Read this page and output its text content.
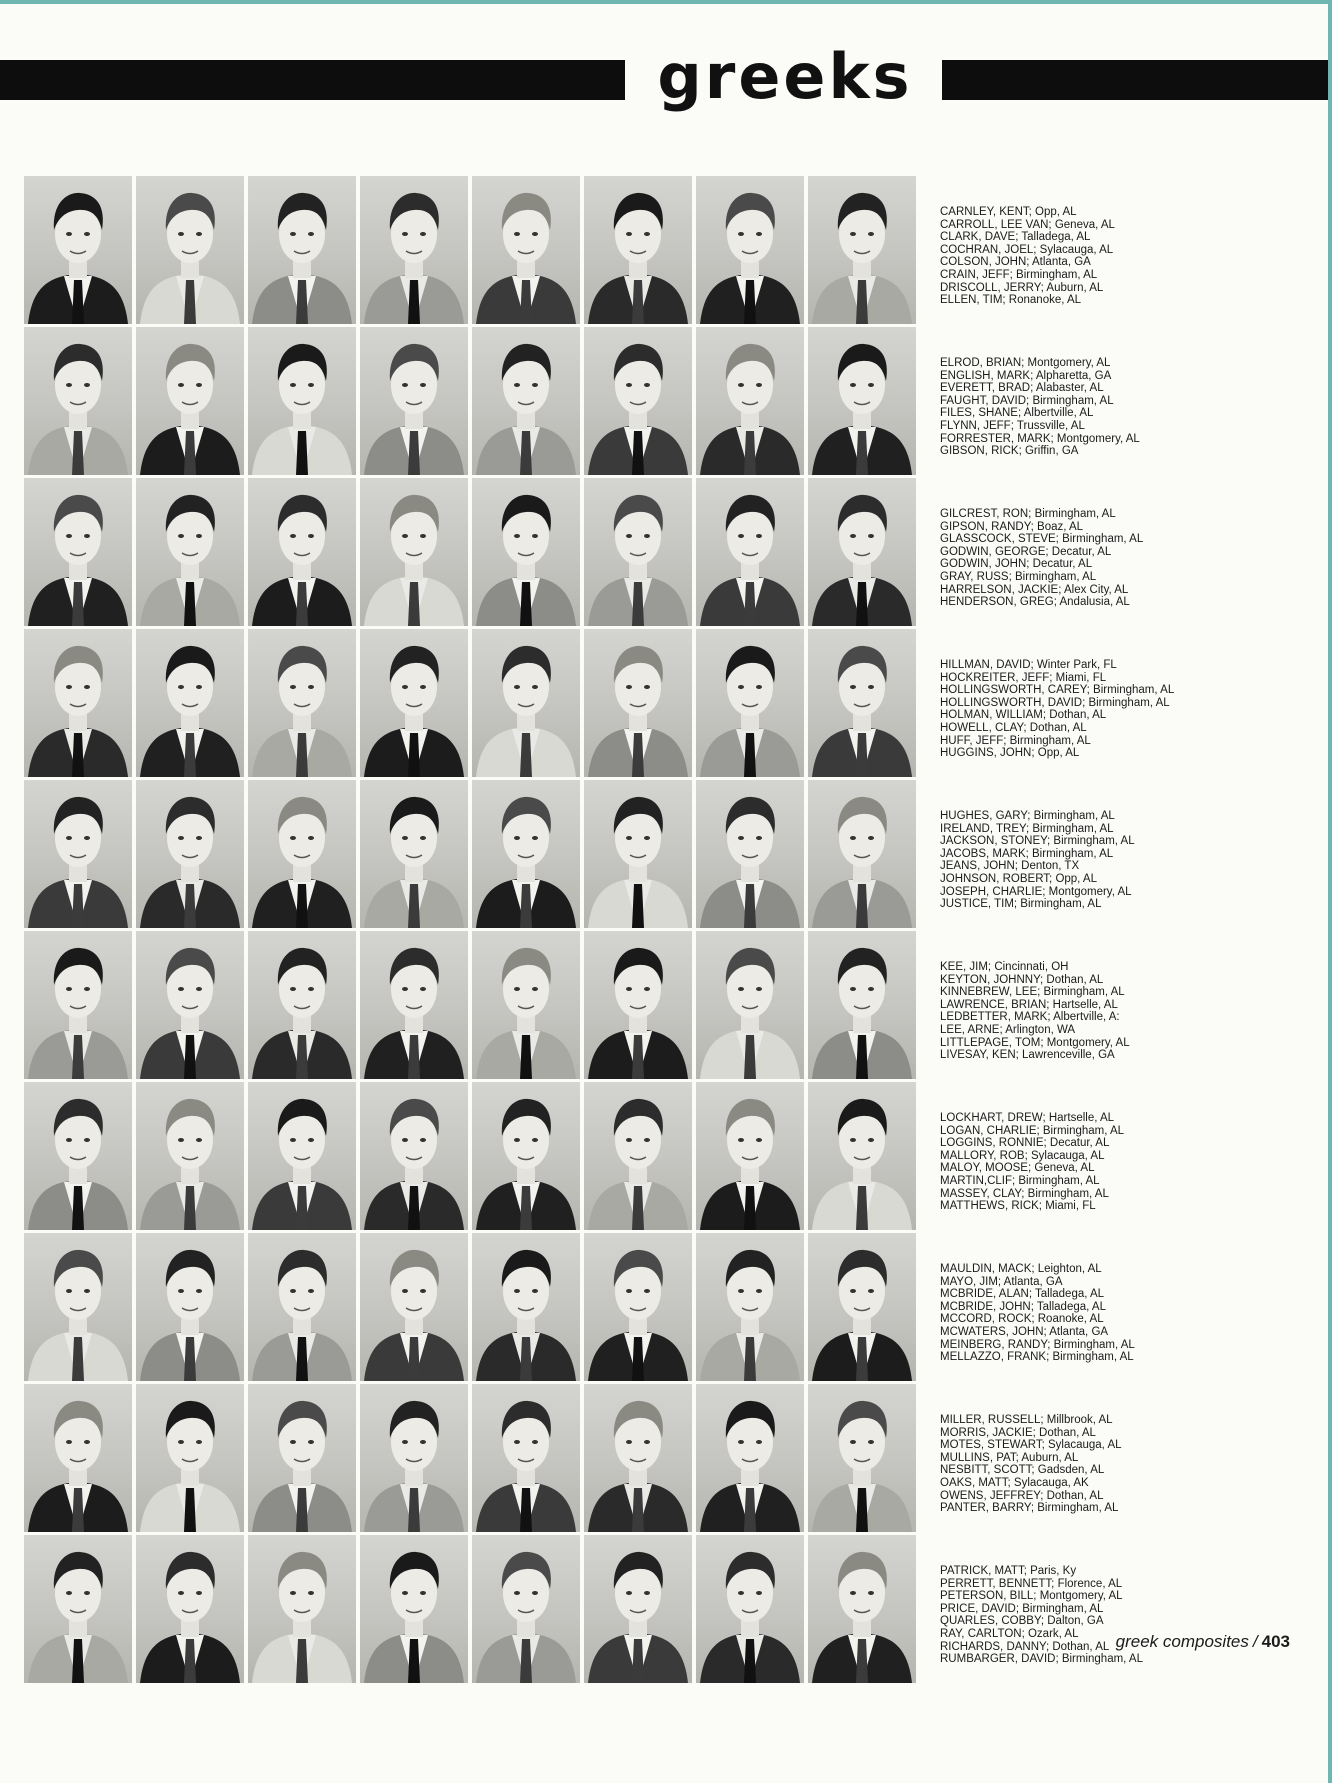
greeks
CARNLEY, KENT; Opp, AL
CARROLL, LEE VAN; Geneva, AL
CLARK, DAVE; Talladega, AL
COCHRAN, JOEL; Sylacauga, AL
COLSON, JOHN; Atlanta, GA
CRAIN, JEFF; Birmingham, AL
DRISCOLL, JERRY; Auburn, AL
ELLEN, TIM; Ronanoke, AL
ELROD, BRIAN; Montgomery, AL
ENGLISH, MARK; Alpharetta, GA
EVERETT, BRAD; Alabaster, AL
FAUGHT, DAVID; Birmingham, AL
FILES, SHANE; Albertville, AL
FLYNN, JEFF; Trussville, AL
FORRESTER, MARK; Montgomery, AL
GIBSON, RICK; Griffin, GA
GILCREST, RON; Birmingham, AL
GIPSON, RANDY; Boaz, AL
GLASSCOCK, STEVE; Birmingham, AL
GODWIN, GEORGE; Decatur, AL
GODWIN, JOHN; Decatur, AL
GRAY, RUSS; Birmingham, AL
HARRELSON, JACKIE; Alex City, AL
HENDERSON, GREG; Andalusia, AL
HILLMAN, DAVID; Winter Park, FL
HOCKREITER, JEFF; Miami, FL
HOLLINGSWORTH, CAREY; Birmingham, AL
HOLLINGSWORTH, DAVID; Birmingham, AL
HOLMAN, WILLIAM; Dothan, AL
HOWELL, CLAY; Dothan, AL
HUFF, JEFF; Birmingham, AL
HUGGINS, JOHN; Opp, AL
HUGHES, GARY; Birmingham, AL
IRELAND, TREY; Birmingham, AL
JACKSON, STONEY; Birmingham, AL
JACOBS, MARK; Birmingham, AL
JEANS, JOHN; Denton, TX
JOHNSON, ROBERT; Opp, AL
JOSEPH, CHARLIE; Montgomery, AL
JUSTICE, TIM; Birmingham, AL
KEE, JIM; Cincinnati, OH
KEYTON, JOHNNY; Dothan, AL
KINNEBREW, LEE; Birmingham, AL
LAWRENCE, BRIAN; Hartselle, AL
LEDBETTER, MARK; Albertville, A:
LEE, ARNE; Arlington, WA
LITTLEPAGE, TOM; Montgomery, AL
LIVESAY, KEN; Lawrenceville, GA
LOCKHART, DREW; Hartselle, AL
LOGAN, CHARLIE; Birmingham, AL
LOGGINS, RONNIE; Decatur, AL
MALLORY, ROB; Sylacauga, AL
MALOY, MOOSE; Geneva, AL
MARTIN,CLIF; Birmingham, AL
MASSEY, CLAY; Birmingham, AL
MATTHEWS, RICK; Miami, FL
MAULDIN, MACK; Leighton, AL
MAYO, JIM; Atlanta, GA
MCBRIDE, ALAN; Talladega, AL
MCBRIDE, JOHN; Talladega, AL
MCCORD, ROCK; Roanoke, AL
MCWATERS, JOHN; Atlanta, GA
MEINBERG, RANDY; Birmingham, AL
MELLAZZO, FRANK; Birmingham, AL
MILLER, RUSSELL; Millbrook, AL
MORRIS, JACKIE; Dothan, AL
MOTES, STEWART; Sylacauga, AL
MULLINS, PAT; Auburn, AL
NESBITT, SCOTT; Gadsden, AL
OAKS, MATT; Sylacauga, AK
OWENS, JEFFREY; Dothan, AL
PANTER, BARRY; Birmingham, AL
PATRICK, MATT; Paris, Ky
PERRETT, BENNETT; Florence, AL
PETERSON, BILL; Montgomery, AL
PRICE, DAVID; Birmingham, AL
QUARLES, COBBY; Dalton, GA
RAY, CARLTON; Ozark, AL
RICHARDS, DANNY; Dothan, AL
RUMBARGER, DAVID; Birmingham, AL
greek composites / 403
